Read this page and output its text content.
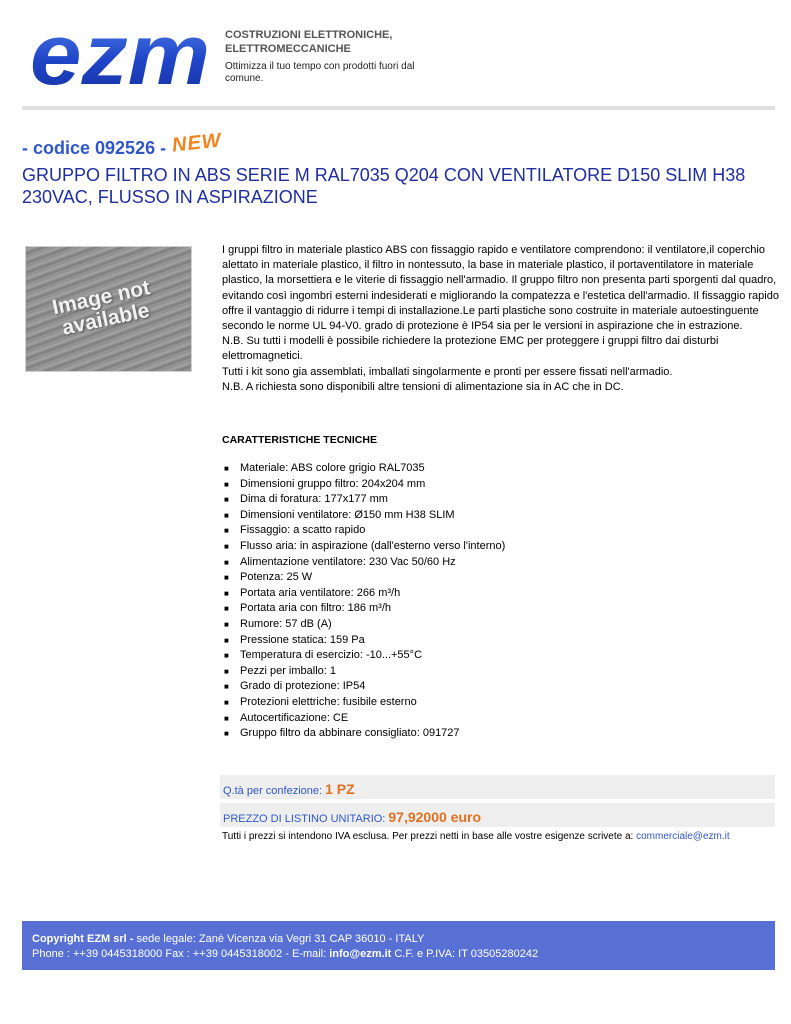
ezm COSTRUZIONI ELETTRONICHE, ELETTROMECCANICHE
Ottimizza il tuo tempo con prodotti fuori dal comune.
- codice 092526 - NEW
GRUPPO FILTRO IN ABS SERIE M RAL7035 Q204 CON VENTILATORE D150 SLIM H38 230VAC, FLUSSO IN ASPIRAZIONE
Image not
available

I gruppi filtro in materiale plastico ABS con fissaggio rapido e ventilatore comprendono: il ventilatore,il coperchio alettato in materiale plastico, il filtro in nontessuto, la base in materiale plastico, il portaventilatore in materiale plastico, la morsettiera e le viterie di fissaggio nell'armadio. Il gruppo filtro non presenta parti sporgenti dal quadro, evitando così ingombri esterni indesiderati e migliorando la compatezza e l'estetica dell'armadio. Il fissaggio rapido offre il vantaggio di ridurre i tempi di installazione.Le parti plastiche sono costruite in materiale autoestinguente secondo le norme UL 94-V0. grado di protezione è IP54 sia per le versioni in aspirazione che in estrazione.

N.B. Su tutti i modelli è possibile richiedere la protezione EMC per proteggere i gruppi filtro dai disturbi elettromagnetici.

Tutti i kit sono gia assemblati, imballati singolarmente e pronti per essere fissati nell'armadio.

N.B. A richiesta sono disponibili altre tensioni di alimentazione sia in AC che in DC.

CARATTERISTICHE TECNICHE
■ Materiale: ABS colore grigio RAL7035
■ Dimensioni gruppo filtro: 204x204 mm
■ Dima di foratura: 177x177 mm
■ Dimensioni ventilatore: Ø150 mm H38 SLIM
■ Fissaggio: a scatto rapido
■ Flusso aria: in aspirazione (dall'esterno verso l'interno)
■ Alimentazione ventilatore: 230 Vac 50/60 Hz
■ Potenza: 25 W
■ Portata aria ventilatore: 266 m³/h
■ Portata aria con filtro: 186 m³/h
■ Rumore: 57 dB (A)
■ Pressione statica: 159 Pa
■ Temperatura di esercizio: -10...+55°C
■ Pezzi per imballo: 1
■ Grado di protezione: IP54
■ Protezioni elettriche: fusibile esterno
■ Autocertificazione: CE
■ Gruppo filtro da abbinare consigliato: 091727
Q.tà per confezione: 1 PZ
PREZZO DI LISTINO UNITARIO: 97,92000 euro
Tutti i prezzi si intendono IVA esclusa. Per prezzi netti in base alle vostre esigenze scrivete a: commerciale@ezm.it
Copyright EZM srl - sede legale: Zanè Vicenza via Vegri 31 CAP 36010 - ITALY
Phone : ++39 0445318000 Fax : ++39 0445318002 - E-mail: info@ezm.it C.F. e P.IVA: IT 03505280242
